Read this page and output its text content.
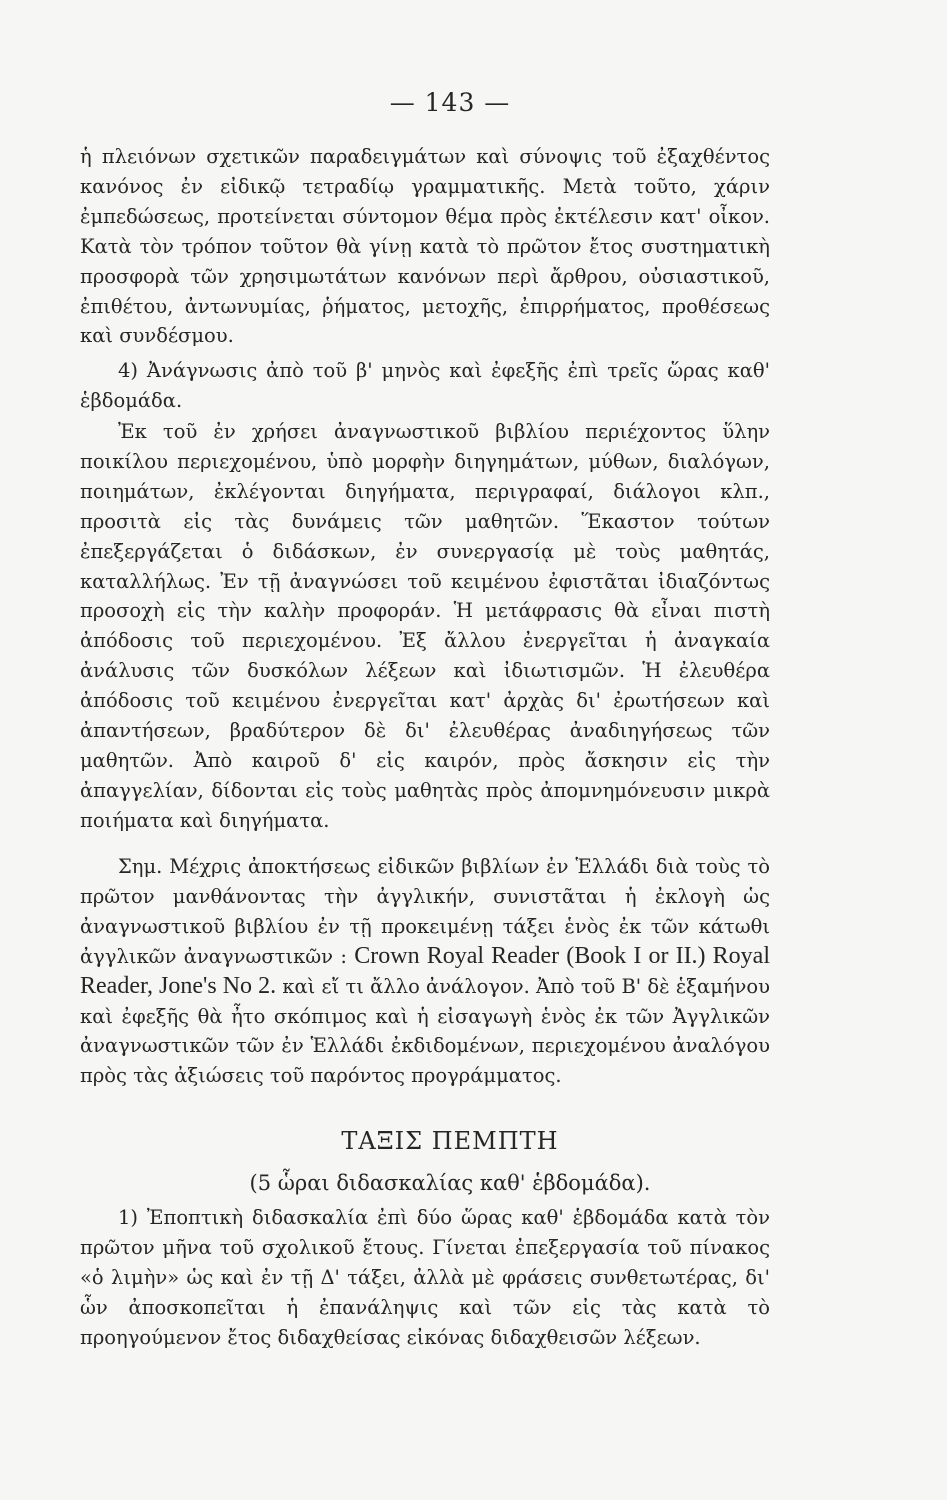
— 143 —

ἡ πλειόνων σχετικῶν παραδειγμάτων καὶ σύνοψις τοῦ ἐξαχθέντος κανόνος ἐν εἰδικῷ τετραδίῳ γραμματικῆς. Μετὰ τοῦτο, χάριν ἐμπεδώσεως, προτείνεται σύντομον θέμα πρὸς ἐκτέλεσιν κατ' οἶκον. Κατὰ τὸν τρόπον τοῦτον θὰ γίνῃ κατὰ τὸ πρῶτον ἔτος συστηματικὴ προσφορὰ τῶν χρησιμωτάτων κανόνων περὶ ἄρθρου, οὐσιαστικοῦ, ἐπιθέτου, ἀντωνυμίας, ῥήματος, μετοχῆς, ἐπιρρήματος, προθέσεως καὶ συνδέσμου.

4) Ἀνάγνωσις ἀπὸ τοῦ β' μηνὸς καὶ ἐφεξῆς ἐπὶ τρεῖς ὥρας καθ' ἑβδομάδα.

Ἐκ τοῦ ἐν χρήσει ἀναγνωστικοῦ βιβλίου περιέχοντος ὕλην ποικίλου περιεχομένου, ὑπὸ μορφὴν διηγημάτων, μύθων, διαλόγων, ποιημάτων, ἐκλέγονται διηγήματα, περιγραφαί, διάλογοι κλπ., προσιτὰ εἰς τὰς δυνάμεις τῶν μαθητῶν. Ἕκαστον τούτων ἐπεξεργάζεται ὁ διδάσκων, ἐν συνεργασίᾳ μὲ τοὺς μαθητάς, καταλλήλως. Ἐν τῇ ἀναγνώσει τοῦ κειμένου ἐφιστᾶται ἰδιαζόντως προσοχὴ εἰς τὴν καλὴν προφοράν. Ἡ μετάφρασις θὰ εἶναι πιστὴ ἀπόδοσις τοῦ περιεχομένου. Ἐξ ἄλλου ἐνεργεῖται ἡ ἀναγκαία ἀνάλυσις τῶν δυσκόλων λέξεων καὶ ἰδιωτισμῶν. Ἡ ἐλευθέρα ἀπόδοσις τοῦ κειμένου ἐνεργεῖται κατ' ἀρχὰς δι' ἐρωτήσεων καὶ ἀπαντήσεων, βραδύτερον δὲ δι' ἐλευθέρας ἀναδιηγήσεως τῶν μαθητῶν. Ἀπὸ καιροῦ δ' εἰς καιρόν, πρὸς ἄσκησιν εἰς τὴν ἀπαγγελίαν, δίδονται εἰς τοὺς μαθητὰς πρὸς ἀπομνημόνευσιν μικρὰ ποιήματα καὶ διηγήματα.

Σημ. Μέχρις ἀποκτήσεως εἰδικῶν βιβλίων ἐν Ἑλλάδι διὰ τοὺς τὸ πρῶτον μανθάνοντας τὴν ἀγγλικήν, συνιστᾶται ἡ ἐκλογὴ ὡς ἀναγνωστικοῦ βιβλίου ἐν τῇ προκειμένῃ τάξει ἑνὸς ἐκ τῶν κάτωθι ἀγγλικῶν ἀναγνωστικῶν : Crown Royal Reader (Book I or II.) Royal Reader, Jone's No 2. καὶ εἴ τι ἄλλο ἀνάλογον. Ἀπὸ τοῦ Β' δὲ ἑξαμήνου καὶ ἐφεξῆς θὰ ἦτο σκόπιμος καὶ ἡ εἰσαγωγὴ ἑνὸς ἐκ τῶν Ἀγγλικῶν ἀναγνωστικῶν τῶν ἐν Ἑλλάδι ἐκδιδομένων, περιεχομένου ἀναλόγου πρὸς τὰς ἀξιώσεις τοῦ παρόντος προγράμματος.

ΤΑΞΙΣ ΠΕΜΠΤΗ
(5 ὧραι διδασκαλίας καθ' ἑβδομάδα).

1) Ἐποπτικὴ διδασκαλία ἐπὶ δύο ὥρας καθ' ἑβδομάδα κατὰ τὸν πρῶτον μῆνα τοῦ σχολικοῦ ἔτους. Γίνεται ἐπεξεργασία τοῦ πίνακος «ὁ λιμὴν» ὡς καὶ ἐν τῇ Δ' τάξει, ἀλλὰ μὲ φράσεις συνθετωτέρας, δι' ὧν ἀποσκοπεῖται ἡ ἐπανάληψις καὶ τῶν εἰς τὰς κατὰ τὸ προηγούμενον ἔτος διδαχθείσας εἰκόνας διδαχθεισῶν λέξεων.
